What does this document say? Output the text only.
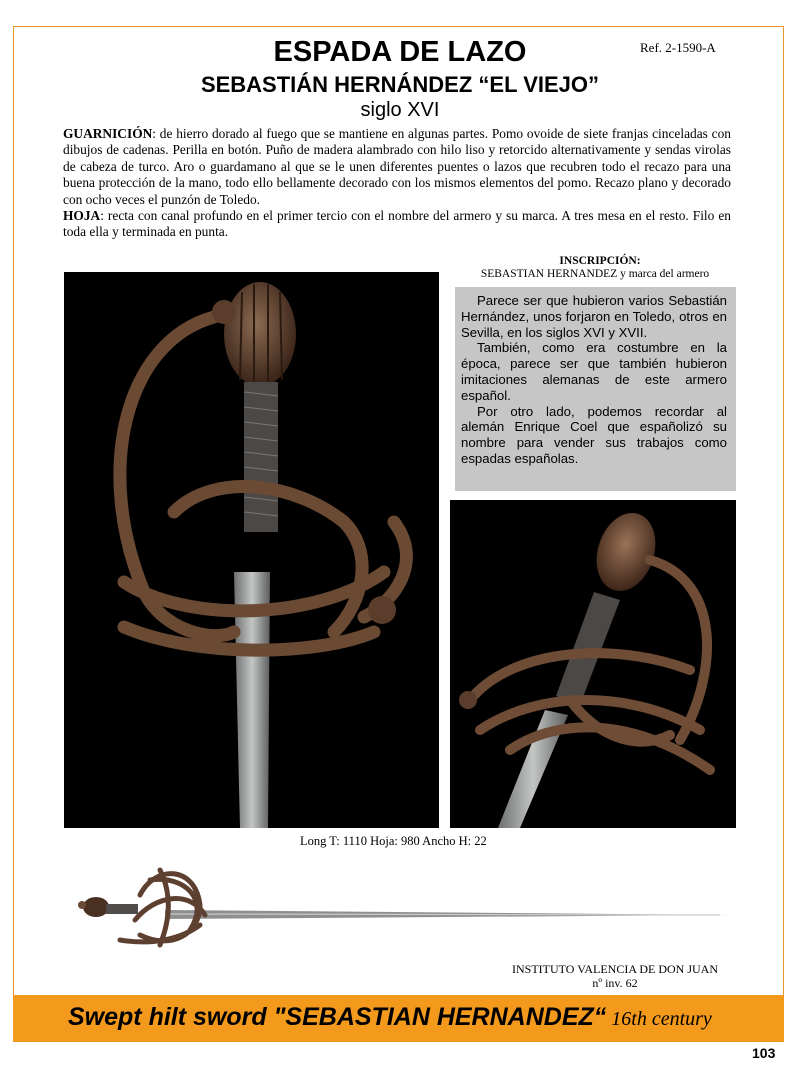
ESPADA DE LAZO	Ref. 2-1590-A
SEBASTIÁN HERNÁNDEZ “EL VIEJO”
siglo XVI

GUARNICIÓN: de hierro dorado al fuego que se mantiene en algunas partes. Pomo ovoide de siete franjas cinceladas con dibujos de cadenas. Perilla en botón. Puño de madera alambrado con hilo liso y retorcido alternativamente y sendas virolas de cabeza de turco. Aro o guardamano al que se le unen diferentes puentes o lazos que recubren todo el recazo para una buena protección de la mano, todo ello bellamente decorado con los mismos elementos del pomo. Recazo plano y decorado con ocho veces el punzón de Toledo.

HOJA: recta con canal profundo en el primer tercio con el nombre del armero y su marca. A tres mesa en el resto. Filo en toda ella y terminada en punta.

INSCRIPCIÓN:
SEBASTIAN HERNANDEZ y marca del armero

Parece ser que hubieron varios Sebastián Hernández, unos forjaron en Toledo, otros en Sevilla, en los siglos XVI y XVII.

También, como era costumbre en la época, parece ser que también hubieron imitaciones alemanas de este armero español.

Por otro lado, podemos recordar al alemán Enrique Coel que españolizó su nombre para vender sus trabajos como espadas españolas.

Long T: 1110 Hoja: 980 Ancho H: 22
INSTITUTO VALENCIA DE DON JUAN
nº inv. 62
Swept hilt sword "SEBASTIAN HERNANDEZ“ 16th century
103
